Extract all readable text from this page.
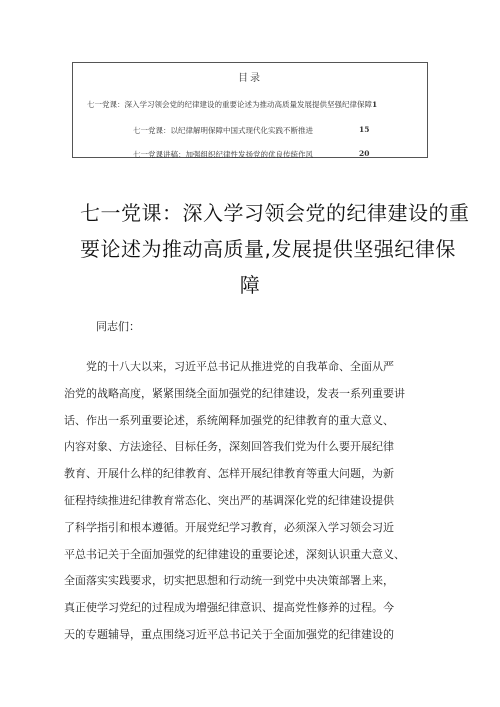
目录
七一党课：深入学习领会党的纪律建设的重要论述为推动高质量发展提供坚强纪律保障1
七一党课：以纪律解明保障中国式现代化实践不断推进	15
七一党课讲稿：加强组织纪律性发扬党的优良传统作风	20
七一党课：深入学习领会党的纪律建设的重
要论述为推动高质量,发展提供坚强纪律保
障
同志们：
党的十八大以来，习近平总书记从推进党的自我革命、全面从严
治党的战略高度，紧紧围绕全面加强党的纪律建设，发表一系列重要讲
话、作出一系列重要论述，系统阐释加强党的纪律教育的重大意义、
内容对象、方法途径、目标任务，深刻回答我们党为什么要开展纪律
教育、开展什么样的纪律教育、怎样开展纪律教育等重大问题，为新
征程持续推进纪律教育常态化、突出严的基调深化党的纪律建设提供
了科学指引和根本遵循。开展党纪学习教育，必须深入学习领会习近
平总书记关于全面加强党的纪律建设的重要论述，深刻认识重大意义、
全面落实实践要求，切实把思想和行动统一到党中央决策部署上来，
真正使学习党纪的过程成为增强纪律意识、提高党性修养的过程。今
天的专题辅导，重点围绕习近平总书记关于全面加强党的纪律建设的
